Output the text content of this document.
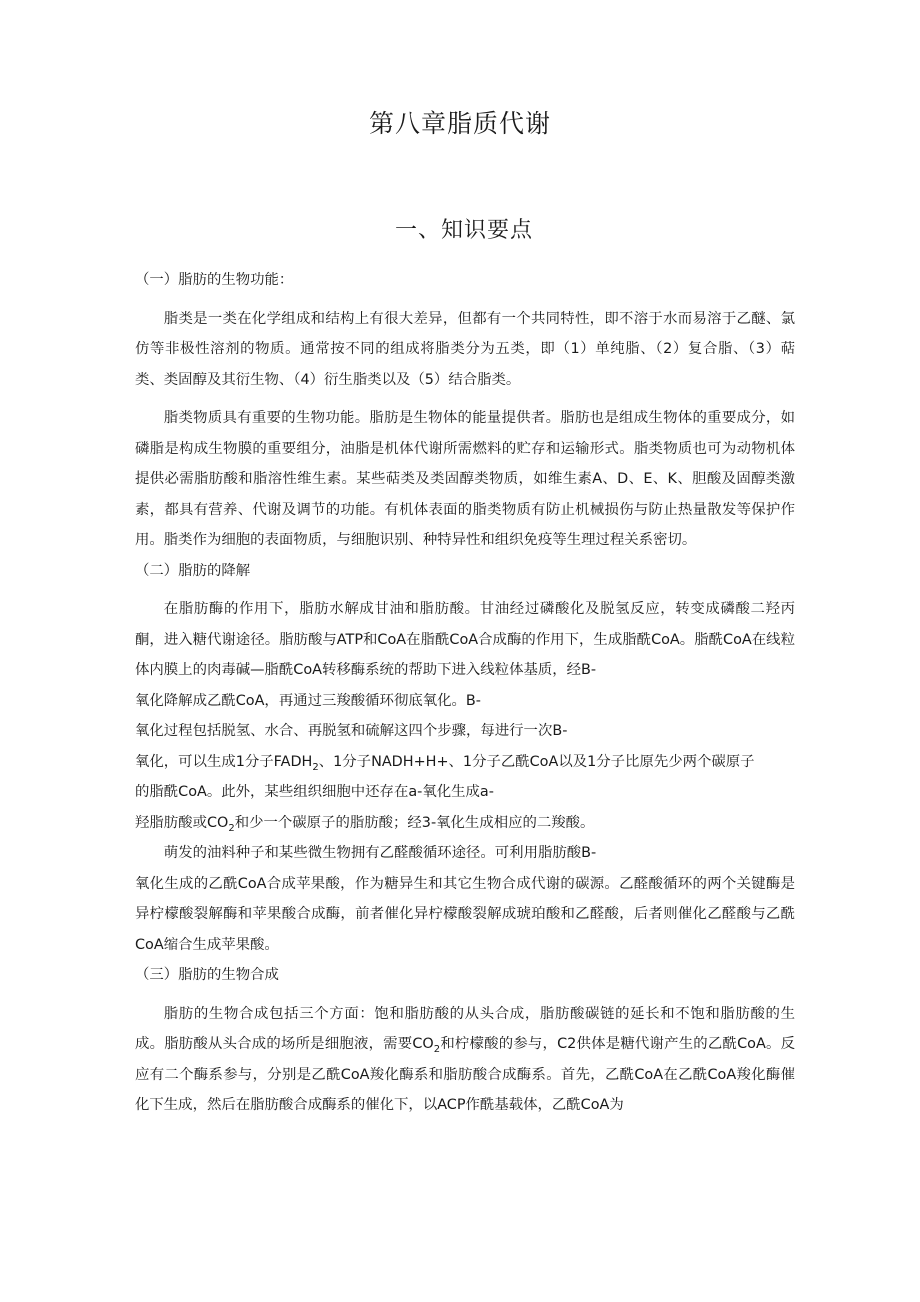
第八章脂质代谢
一、知识要点

（一）脂肪的生物功能：

脂类是一类在化学组成和结构上有很大差异，但都有一个共同特性，即不溶于水而易溶于乙醚、氯仿等非极性溶剂的物质。通常按不同的组成将脂类分为五类，即（1）单纯脂、（2）复合脂、（3）萜类、类固醇及其衍生物、（4）衍生脂类以及（5）结合脂类。

脂类物质具有重要的生物功能。脂肪是生物体的能量提供者。脂肪也是组成生物体的重要成分，如磷脂是构成生物膜的重要组分，油脂是机体代谢所需燃料的贮存和运输形式。脂类物质也可为动物机体提供必需脂肪酸和脂溶性维生素。某些萜类及类固醇类物质，如维生素A、D、E、K、胆酸及固醇类激素，都具有营养、代谢及调节的功能。有机体表面的脂类物质有防止机械损伤与防止热量散发等保护作用。脂类作为细胞的表面物质，与细胞识别、种特异性和组织免疫等生理过程关系密切。

（二）脂肪的降解

在脂肪酶的作用下，脂肪水解成甘油和脂肪酸。甘油经过磷酸化及脱氢反应，转变成磷酸二羟丙酮，进入糖代谢途径。脂肪酸与ATP和CoA在脂酰CoA合成酶的作用下，生成脂酰CoA。脂酰CoA在线粒体内膜上的肉毒碱—脂酰CoA转移酶系统的帮助下进入线粒体基质，经B-

氧化降解成乙酰CoA，再通过三羧酸循环彻底氧化。B-

氧化过程包括脱氢、水合、再脱氢和硫解这四个步骤，每进行一次B-

氧化，可以生成1分子$FADH_2$、1分子NADH+H+、1分子乙酰CoA以及1分子比原先少两个碳原子

的脂酰CoA。此外，某些组织细胞中还存在a-氧化生成a-

羟脂肪酸或$CO_2$和少一个碳原子的脂肪酸；经3-氧化生成相应的二羧酸。

萌发的油料种子和某些微生物拥有乙醛酸循环途径。可利用脂肪酸B-

氧化生成的乙酰CoA合成苹果酸，作为糖异生和其它生物合成代谢的碳源。乙醛酸循环的两个关键酶是异柠檬酸裂解酶和苹果酸合成酶，前者催化异柠檬酸裂解成琥珀酸和乙醛酸，后者则催化乙醛酸与乙酰CoA缩合生成苹果酸。

（三）脂肪的生物合成

脂肪的生物合成包括三个方面：饱和脂肪酸的从头合成，脂肪酸碳链的延长和不饱和脂肪酸的生成。脂肪酸从头合成的场所是细胞液，需要$CO_2$和柠檬酸的参与，C2供体是糖代谢产生的乙酰CoA。反应有二个酶系参与，分别是乙酰CoA羧化酶系和脂肪酸合成酶系。首先，乙酰CoA在乙酰CoA羧化酶催化下生成，然后在脂肪酸合成酶系的催化下，以ACP作酰基载体，乙酰CoA为
